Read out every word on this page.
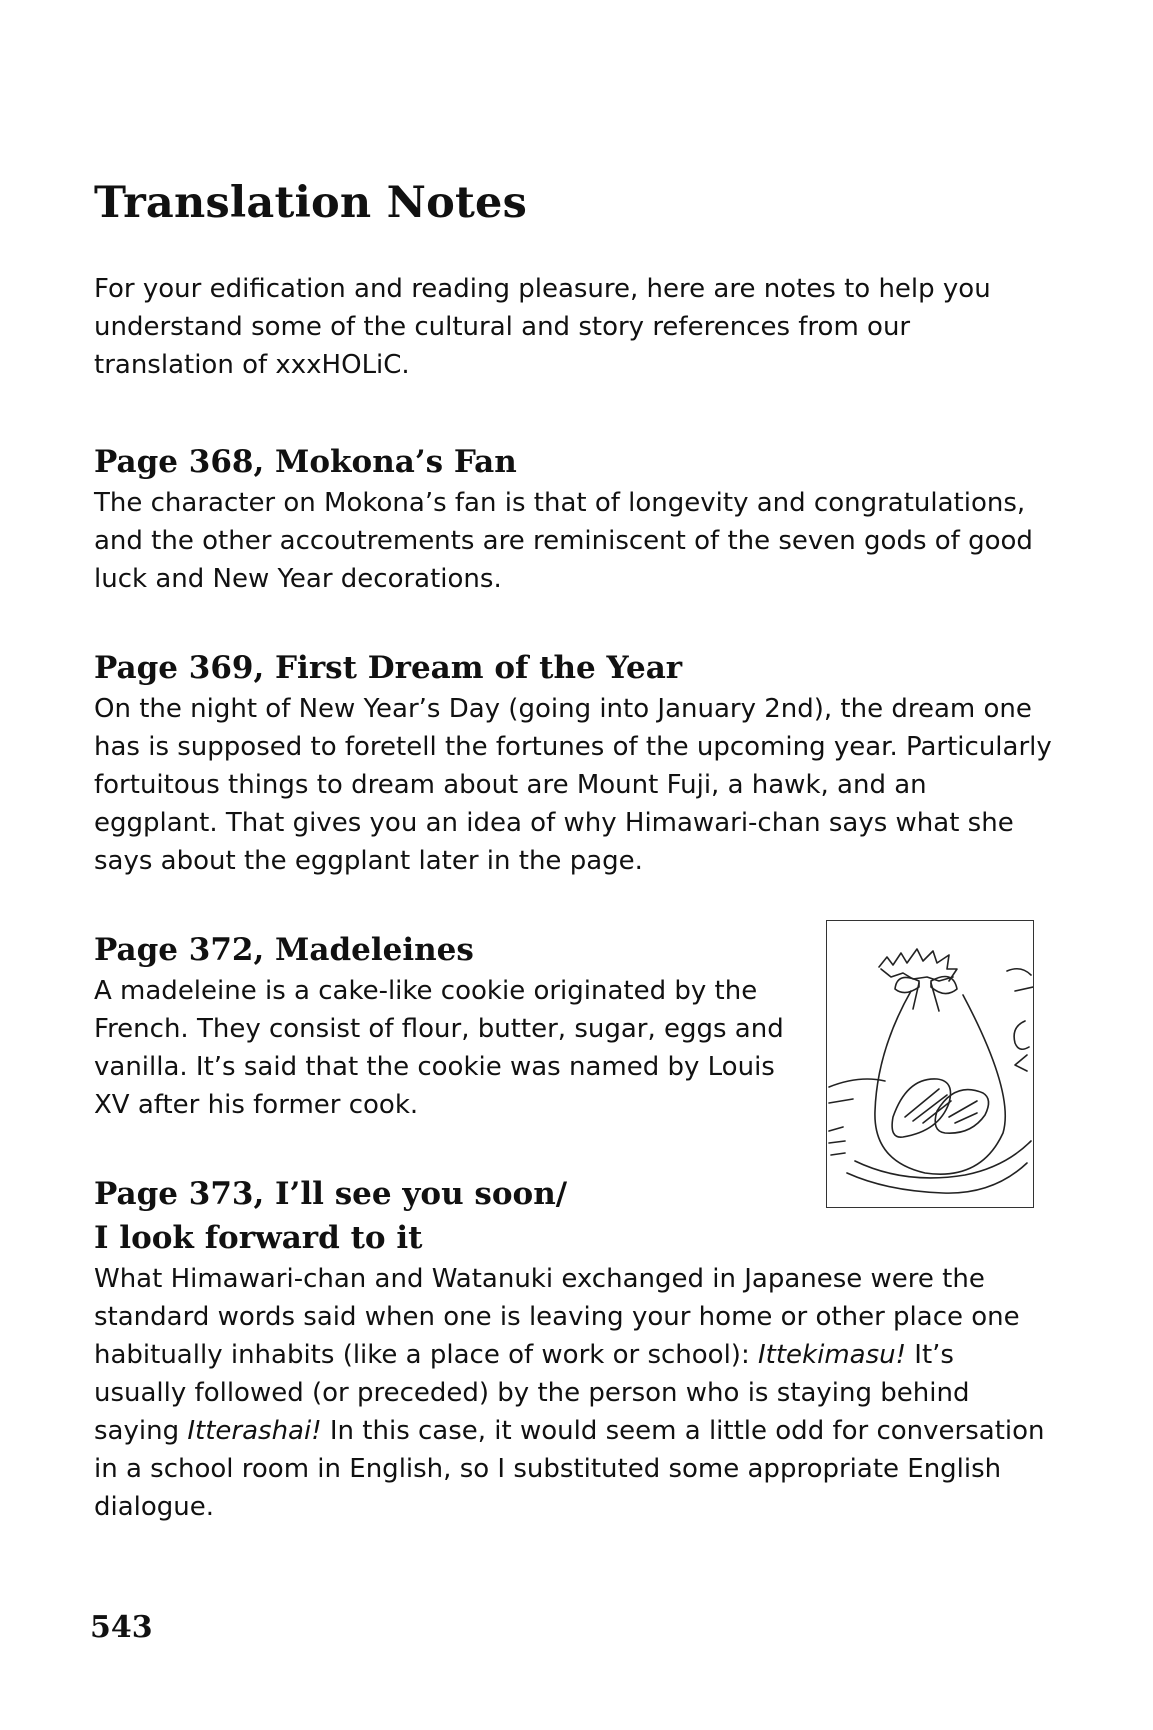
Translation Notes
For your edification and reading pleasure, here are notes to help you understand some of the cultural and story references from our translation of xxxHOLiC.
Page 368, Mokona’s Fan

The character on Mokona’s fan is that of longevity and congratulations, and the other accoutrements are reminiscent of the seven gods of good luck and New Year decorations.

Page 369, First Dream of the Year

On the night of New Year’s Day (going into January 2nd), the dream one has is supposed to foretell the fortunes of the upcoming year. Particularly fortuitous things to dream about are Mount Fuji, a hawk, and an eggplant. That gives you an idea of why Himawari-chan says what she says about the eggplant later in the page.

Page 372, Madeleines

A madeleine is a cake-like cookie originated by the French. They consist of flour, butter, sugar, eggs and vanilla. It’s said that the cookie was named by Louis XV after his former cook.

Page 373, I’ll see you soon/
I look forward to it

What Himawari-chan and Watanuki exchanged in Japanese were the standard words said when one is leaving your home or other place one habitually inhabits (like a place of work or school): Ittekimasu! It’s usually followed (or preceded) by the person who is staying behind saying Itterashai! In this case, it would seem a little odd for conversation in a school room in English, so I substituted some appropriate English dialogue.

543
